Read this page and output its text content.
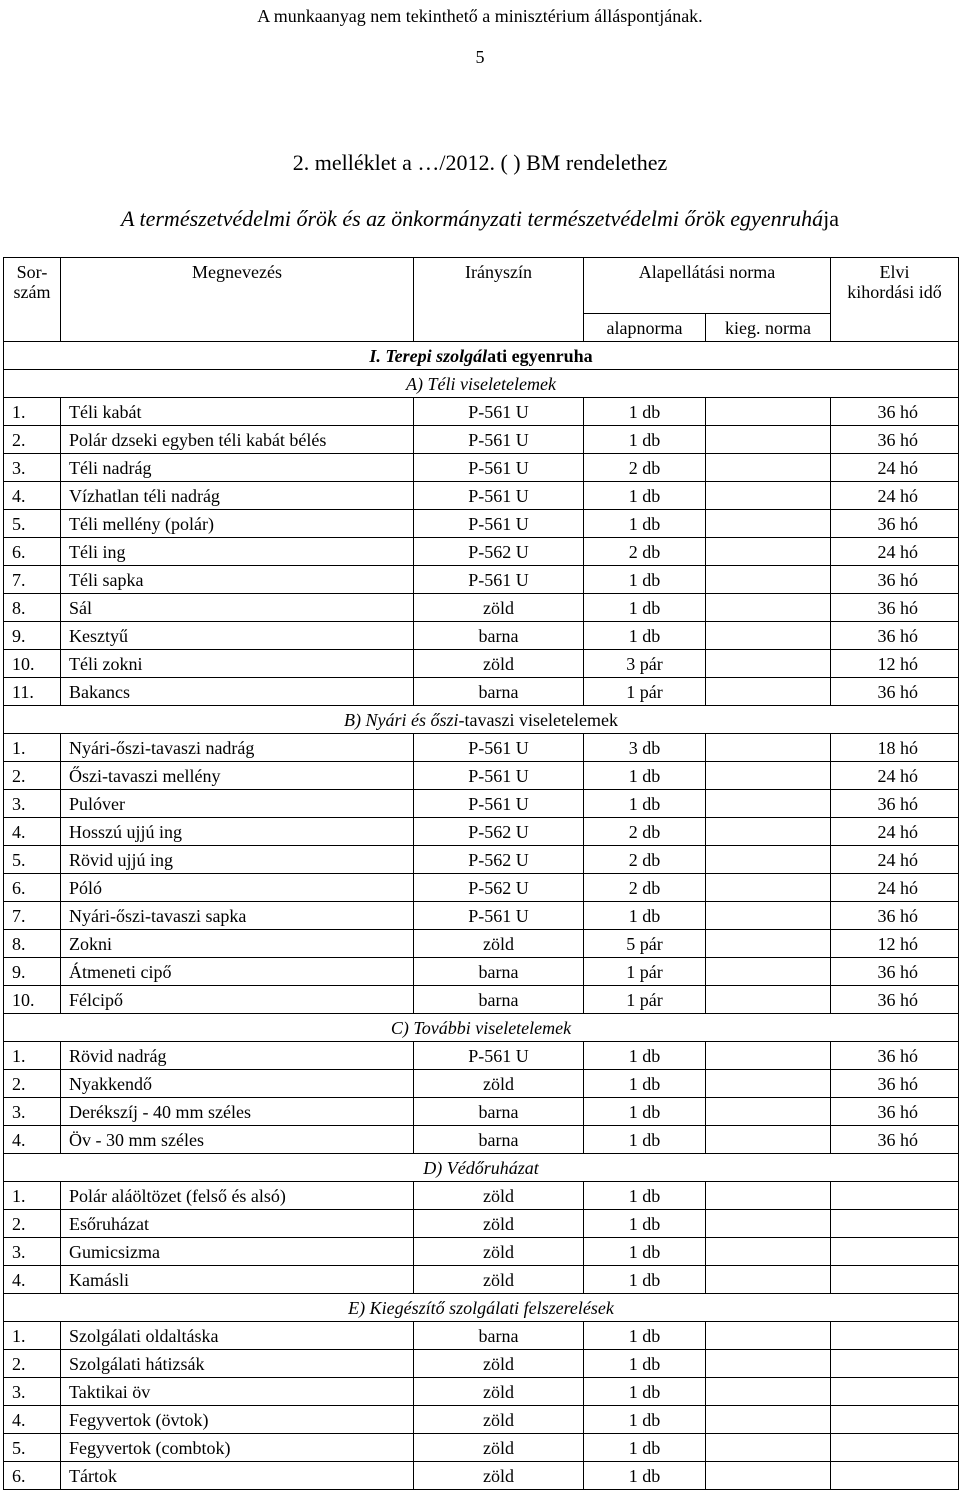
A munkaanyag nem tekinthető a minisztérium álláspontjának.
5
2. melléklet a …/2012. ( ) BM rendelethez
A természetvédelmi őrök és az önkormányzati természetvédelmi őrök egyenruhája
Sor-
szám	Megnevezés	Irányszín	Alapellátási norma		Elvi
kihordási idő
			alapnorma	kieg. norma	
I. Terepi szolgálati egyenruha					
A) Téli viseletelemek					
1.	Téli kabát	P-561 U	1 db		36 hó
2.	Polár dzseki egyben téli kabát bélés	P-561 U	1 db		36 hó
3.	Téli nadrág	P-561 U	2 db		24 hó
4.	Vízhatlan téli nadrág	P-561 U	1 db		24 hó
5.	Téli mellény (polár)	P-561 U	1 db		36 hó
6.	Téli ing	P-562 U	2 db		24 hó
7.	Téli sapka	P-561 U	1 db		36 hó
8.	Sál	zöld	1 db		36 hó
9.	Kesztyű	barna	1 db		36 hó
10.	Téli zokni	zöld	3 pár		12 hó
11.	Bakancs	barna	1 pár		36 hó
B) Nyári és őszi-tavaszi viseletelemek					
1.	Nyári-őszi-tavaszi nadrág	P-561 U	3 db		18 hó
2.	Őszi-tavaszi mellény	P-561 U	1 db		24 hó
3.	Pulóver	P-561 U	1 db		36 hó
4.	Hosszú ujjú ing	P-562 U	2 db		24 hó
5.	Rövid ujjú ing	P-562 U	2 db		24 hó
6.	Póló	P-562 U	2 db		24 hó
7.	Nyári-őszi-tavaszi sapka	P-561 U	1 db		36 hó
8.	Zokni	zöld	5 pár		12 hó
9.	Átmeneti cipő	barna	1 pár		36 hó
10.	Félcipő	barna	1 pár		36 hó
C) További viseletelemek					
1.	Rövid nadrág	P-561 U	1 db		36 hó
2.	Nyakkendő	zöld	1 db		36 hó
3.	Derékszíj - 40 mm széles	barna	1 db		36 hó
4.	Öv - 30 mm széles	barna	1 db		36 hó
D) Védőruházat					
1.	Polár aláöltözet (felső és alsó)	zöld	1 db		
2.	Esőruházat	zöld	1 db		
3.	Gumicsizma	zöld	1 db		
4.	Kamásli	zöld	1 db		
E) Kiegészítő szolgálati felszerelések					
1.	Szolgálati oldaltáska	barna	1 db		
2.	Szolgálati hátizsák	zöld	1 db		
3.	Taktikai öv	zöld	1 db		
4.	Fegyvertok (övtok)	zöld	1 db		
5.	Fegyvertok (combtok)	zöld	1 db		
6.	Tártok	zöld	1 db		
